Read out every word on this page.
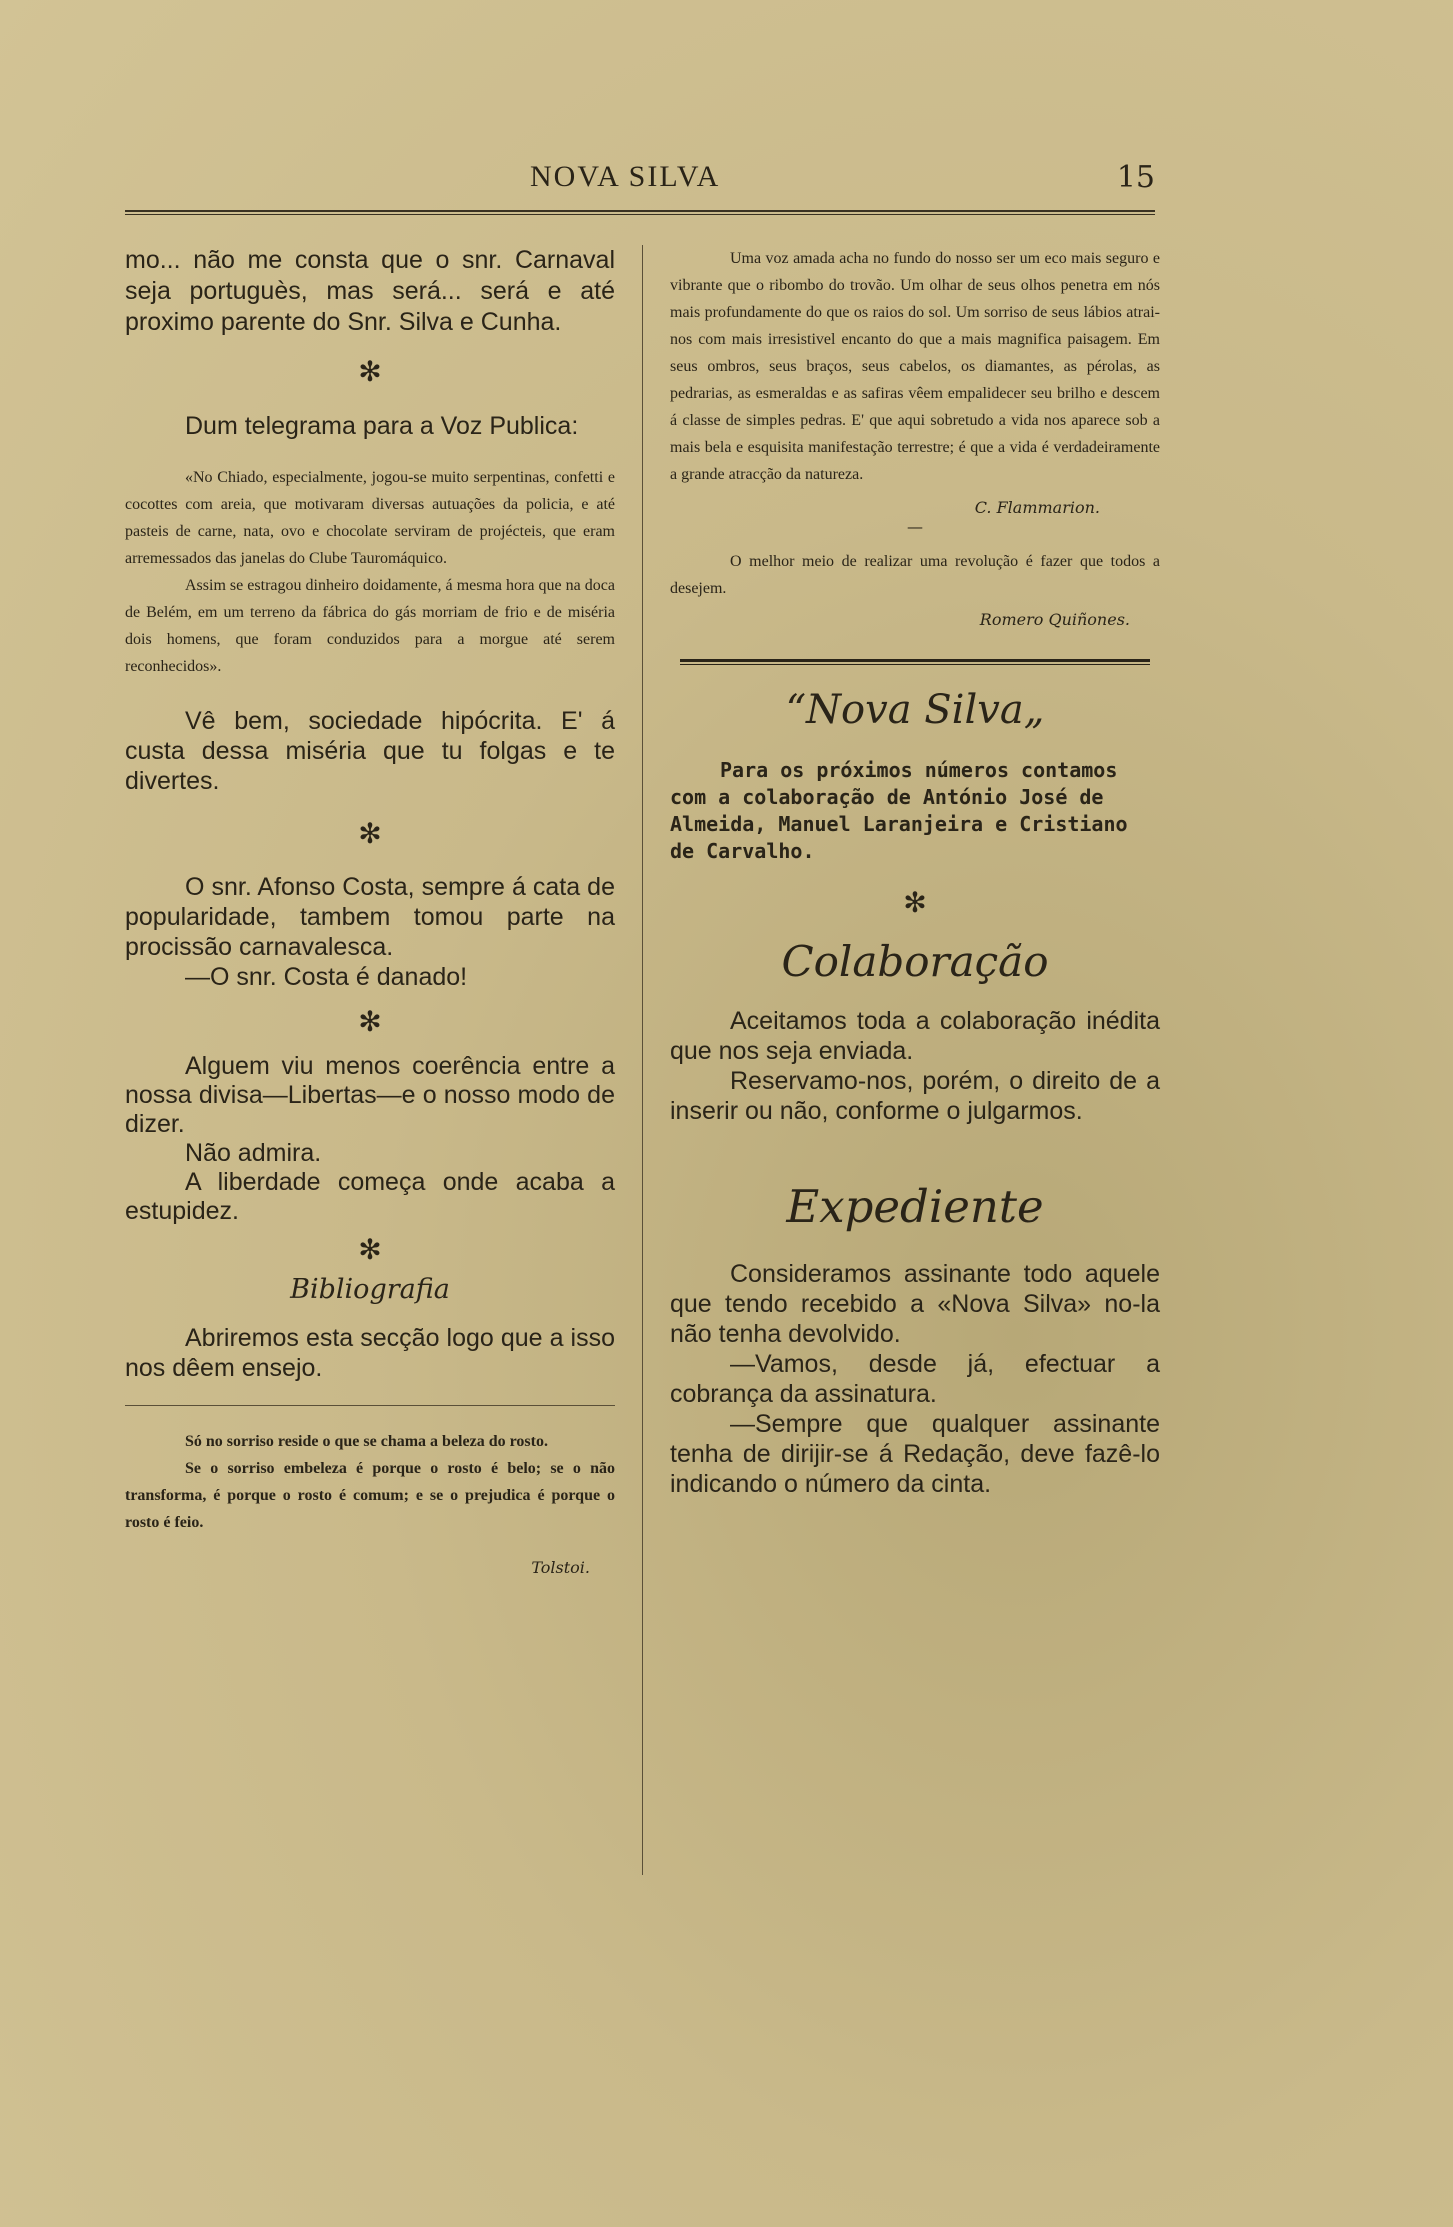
NOVA SILVA	15

mo... não me consta que o snr. Carnaval seja portuguès, mas será... será e até proximo parente do Snr. Silva e Cunha.

✻

Dum telegrama para a Voz Publica:

«No Chiado, especialmente, jogou-se muito serpentinas, confetti e cocottes com areia, que motivaram diversas autuações da policia, e até pasteis de carne, nata, ovo e chocolate serviram de projécteis, que eram arremessados das janelas do Clube Tauromáquico.

Assim se estragou dinheiro doidamente, á mesma hora que na doca de Belém, em um terreno da fábrica do gás morriam de frio e de miséria dois homens, que foram conduzidos para a morgue até serem reconhecidos».

Vê bem, sociedade hipócrita. E' á custa dessa miséria que tu folgas e te divertes.

✻

O snr. Afonso Costa, sempre á cata de popularidade, tambem tomou parte na procissão carnavalesca.

—O snr. Costa é danado!

✻

Alguem viu menos coerência entre a nossa divisa—Libertas—e o nosso modo de dizer.

Não admira.

A liberdade começa onde acaba a estupidez.

✻

Bibliografia

Abriremos esta secção logo que a isso nos dêem ensejo.

Só no sorriso reside o que se chama a beleza do rosto.

Se o sorriso embeleza é porque o rosto é belo; se o não transforma, é porque o rosto é comum; e se o prejudica é porque o rosto é feio.

Tolstoi.

Uma voz amada acha no fundo do nosso ser um eco mais seguro e vibrante que o ribombo do trovão. Um olhar de seus olhos penetra em nós mais profundamente do que os raios do sol. Um sorriso de seus lábios atrai-nos com mais irresistivel encanto do que a mais magnifica paisagem. Em seus ombros, seus braços, seus cabelos, os diamantes, as pérolas, as pedrarias, as esmeraldas e as safiras vêem empalidecer seu brilho e descem á classe de simples pedras. E' que aqui sobretudo a vida nos aparece sob a mais bela e esquisita manifestação terrestre; é que a vida é verdadeiramente a grande atracção da natureza.

C. Flammarion.

—

O melhor meio de realizar uma revolução é fazer que todos a desejem.

Romero Quiñones.

“Nova Silva„

Para os próximos números contamos com a colaboração de António José de Almeida, Manuel Laranjeira e Cristiano de Carvalho.

✻

Colaboração

Aceitamos toda a colaboração inédita que nos seja enviada.

Reservamo-nos, porém, o direito de a inserir ou não, conforme o julgarmos.

Expediente

Consideramos assinante todo aquele que tendo recebido a «Nova Silva» no-la não tenha devolvido.

—Vamos, desde já, efectuar a cobrança da assinatura.

—Sempre que qualquer assinante tenha de dirijir-se á Redação, deve fazê-lo indicando o número da cinta.
